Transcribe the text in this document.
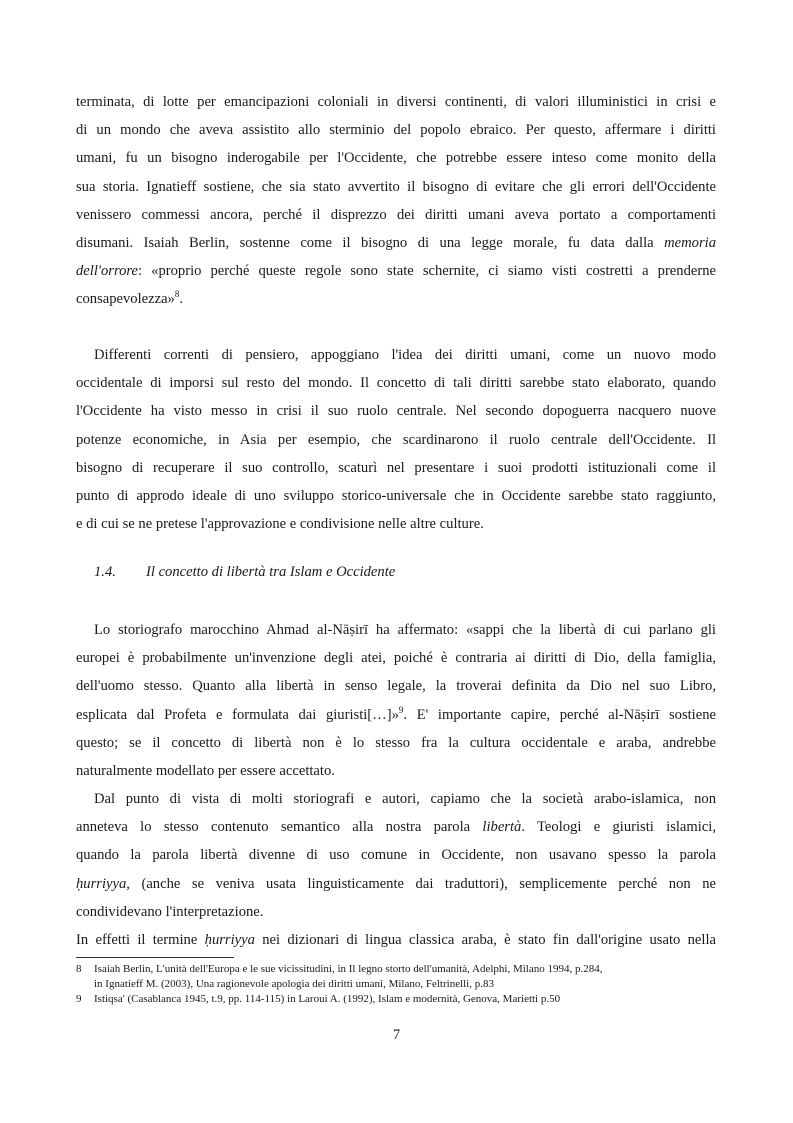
terminata, di lotte per emancipazioni coloniali in diversi continenti, di valori illuministici in crisi e
di un mondo che aveva assistito allo sterminio del popolo ebraico. Per questo, affermare i diritti
umani, fu un bisogno inderogabile per l'Occidente, che potrebbe essere inteso come monito della
sua storia. Ignatieff sostiene, che sia stato avvertito il bisogno di evitare che gli errori dell'Occidente
venissero commessi ancora, perché il disprezzo dei diritti umani aveva portato a comportamenti
disumani. Isaiah Berlin, sostenne come il bisogno di una legge morale, fu data dalla memoria
dell'orrore: «proprio perché queste regole sono state schernite, ci siamo visti costretti a prenderne
consapevolezza»$^8$.

Differenti correnti di pensiero, appoggiano l'idea dei diritti umani, come un nuovo modo
occidentale di imporsi sul resto del mondo. Il concetto di tali diritti sarebbe stato elaborato, quando
l'Occidente ha visto messo in crisi il suo ruolo centrale. Nel secondo dopoguerra nacquero nuove
potenze economiche, in Asia per esempio, che scardinarono il ruolo centrale dell'Occidente. Il
bisogno di recuperare il suo controllo, scaturì nel presentare i suoi prodotti istituzionali come il
punto di approdo ideale di uno sviluppo storico-universale che in Occidente sarebbe stato raggiunto,
e di cui se ne pretese l'approvazione e condivisione nelle altre culture.

1.4. Il concetto di libertà tra Islam e Occidente

Lo storiografo marocchino Ahmad al-Nāṣirī ha affermato: «sappi che la libertà di cui parlano gli
europei è probabilmente un'invenzione degli atei, poiché è contraria ai diritti di Dio, della famiglia,
dell'uomo stesso. Quanto alla libertà in senso legale, la troverai definita da Dio nel suo Libro,
esplicata dal Profeta e formulata dai giuristi[…]»$^9$. E' importante capire, perché al-Nāṣirī sostiene
questo; se il concetto di libertà non è lo stesso fra la cultura occidentale e araba, andrebbe
naturalmente modellato per essere accettato.

Dal punto di vista di molti storiografi e autori, capiamo che la società arabo-islamica, non
anneteva lo stesso contenuto semantico alla nostra parola libertà. Teologi e giuristi islamici,
quando la parola libertà divenne di uso comune in Occidente, non usavano spesso la parola
ḥurriyya, (anche se veniva usata linguisticamente dai traduttori), semplicemente perché non ne
condividevano l'interpretazione.

In effetti il termine ḥurriyya nei dizionari di lingua classica araba, è stato fin dall'origine usato nella

8	Isaiah Berlin, L'unità dell'Europa e le sue vicissitudini, in Il legno storto dell'umanità, Adelphi, Milano 1994, p.284,
in Ignatieff M. (2003), Una ragionevole apologia dei diritti umani, Milano, Feltrinelli, p.83
9	Istiqsa' (Casablanca 1945, t.9, pp. 114-115) in Laroui A. (1992), Islam e modernità, Genova, Marietti p.50
7
